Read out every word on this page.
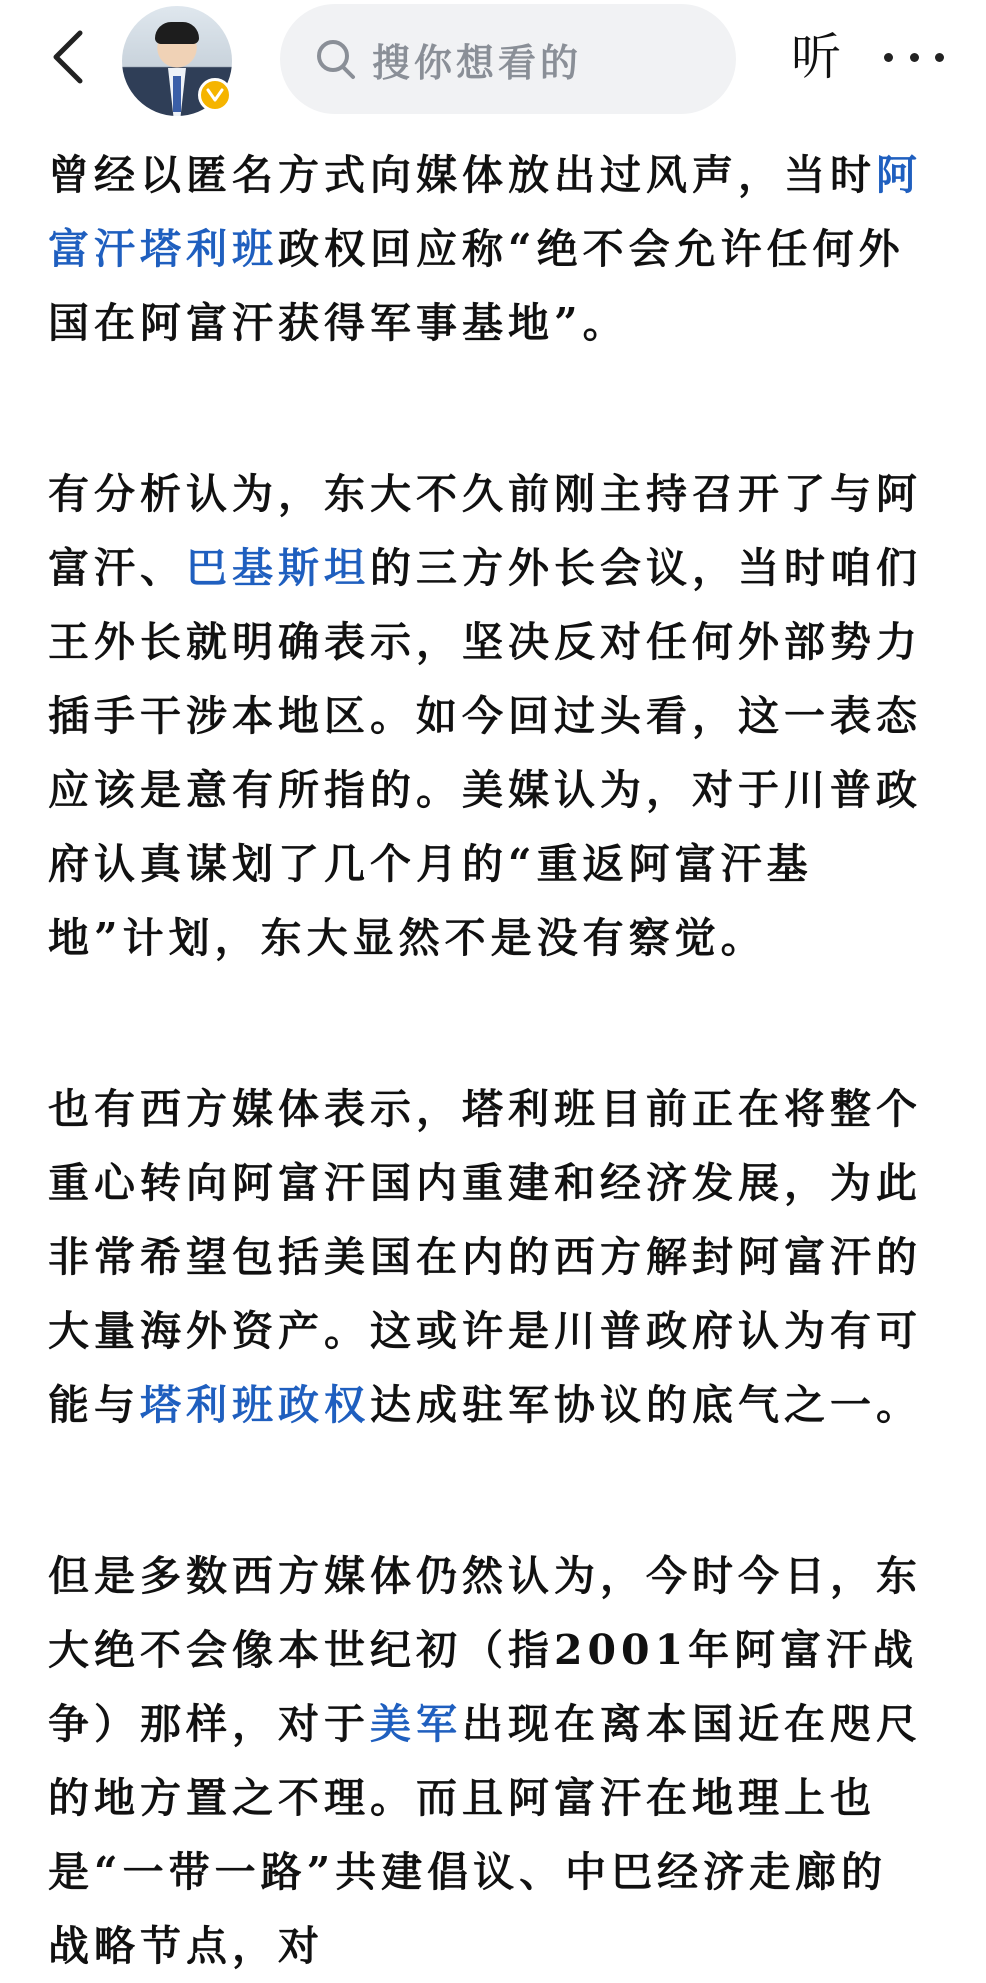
搜你想看的	听

曾经以匿名方式向媒体放出过风声，当时阿富汗塔利班政权回应称“绝不会允许任何外国在阿富汗获得军事基地”。

有分析认为，东大不久前刚主持召开了与阿富汗、巴基斯坦的三方外长会议，当时咱们王外长就明确表示，坚决反对任何外部势力插手干涉本地区。如今回过头看，这一表态应该是意有所指的。美媒认为，对于川普政府认真谋划了几个月的“重返阿富汗基地”计划，东大显然不是没有察觉。

也有西方媒体表示，塔利班目前正在将整个重心转向阿富汗国内重建和经济发展，为此非常希望包括美国在内的西方解封阿富汗的大量海外资产。这或许是川普政府认为有可能与塔利班政权达成驻军协议的底气之一。

但是多数西方媒体仍然认为，今时今日，东大绝不会像本世纪初（指2001年阿富汗战争）那样，对于美军出现在离本国近在咫尺的地方置之不理。而且阿富汗在地理上也是“一带一路”共建倡议、中巴经济走廊的战略节点，对
